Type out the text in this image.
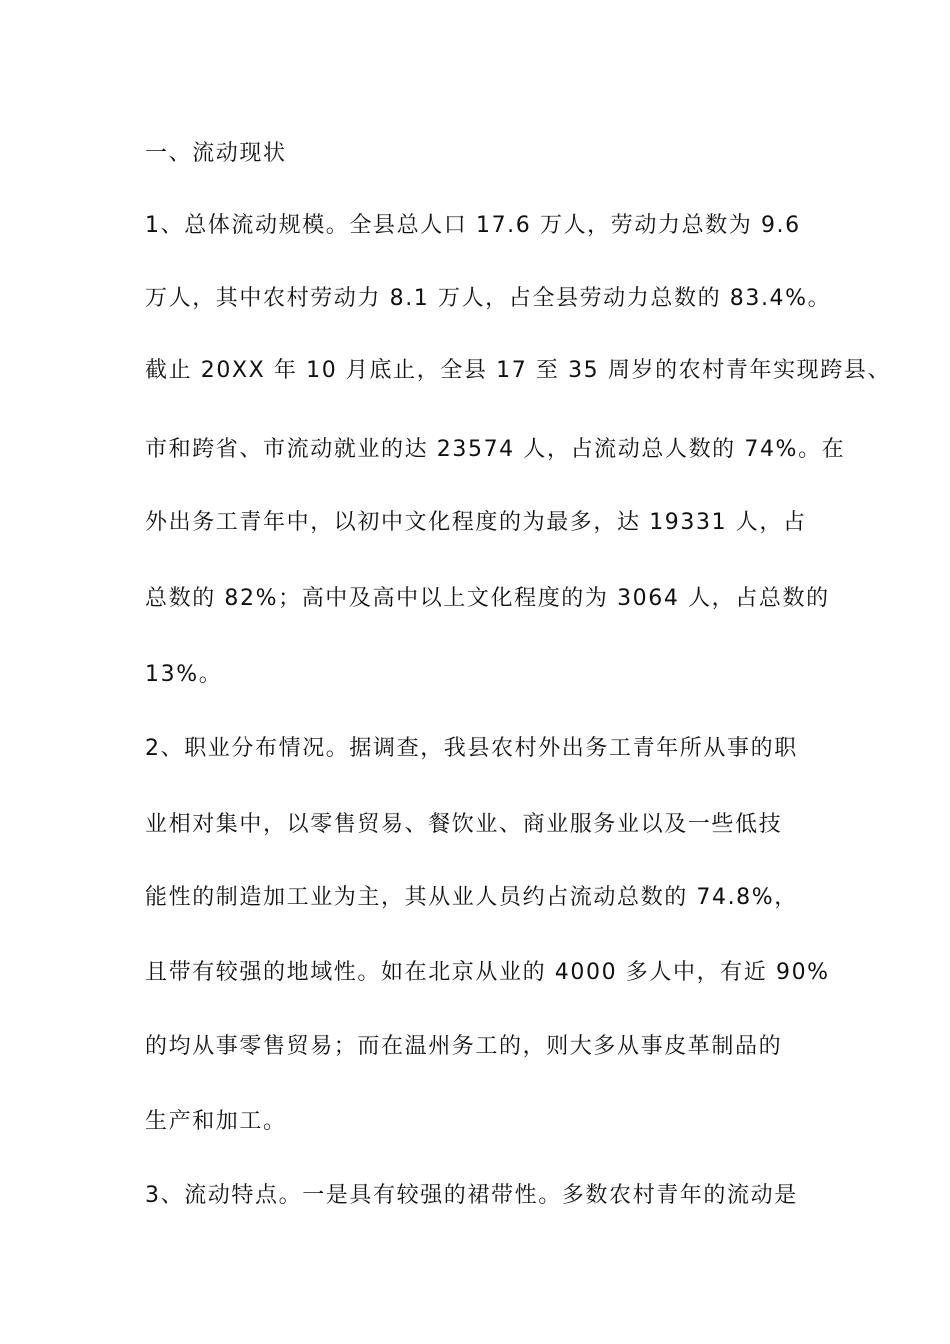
一、流动现状
1、总体流动规模。全县总人口 17.6 万人，劳动力总数为 9.6
万人，其中农村劳动力 8.1 万人，占全县劳动力总数的 83.4%。
截止 20XX 年 10 月底止，全县 17 至 35 周岁的农村青年实现跨县、
市和跨省、市流动就业的达 23574 人，占流动总人数的 74%。在
外出务工青年中，以初中文化程度的为最多，达 19331 人，占
总数的 82%；高中及高中以上文化程度的为 3064 人，占总数的
13%。
2、职业分布情况。据调查，我县农村外出务工青年所从事的职
业相对集中，以零售贸易、餐饮业、商业服务业以及一些低技
能性的制造加工业为主，其从业人员约占流动总数的 74.8%，
且带有较强的地域性。如在北京从业的 4000 多人中，有近 90%
的均从事零售贸易；而在温州务工的，则大多从事皮革制品的
生产和加工。
3、流动特点。一是具有较强的裙带性。多数农村青年的流动是
